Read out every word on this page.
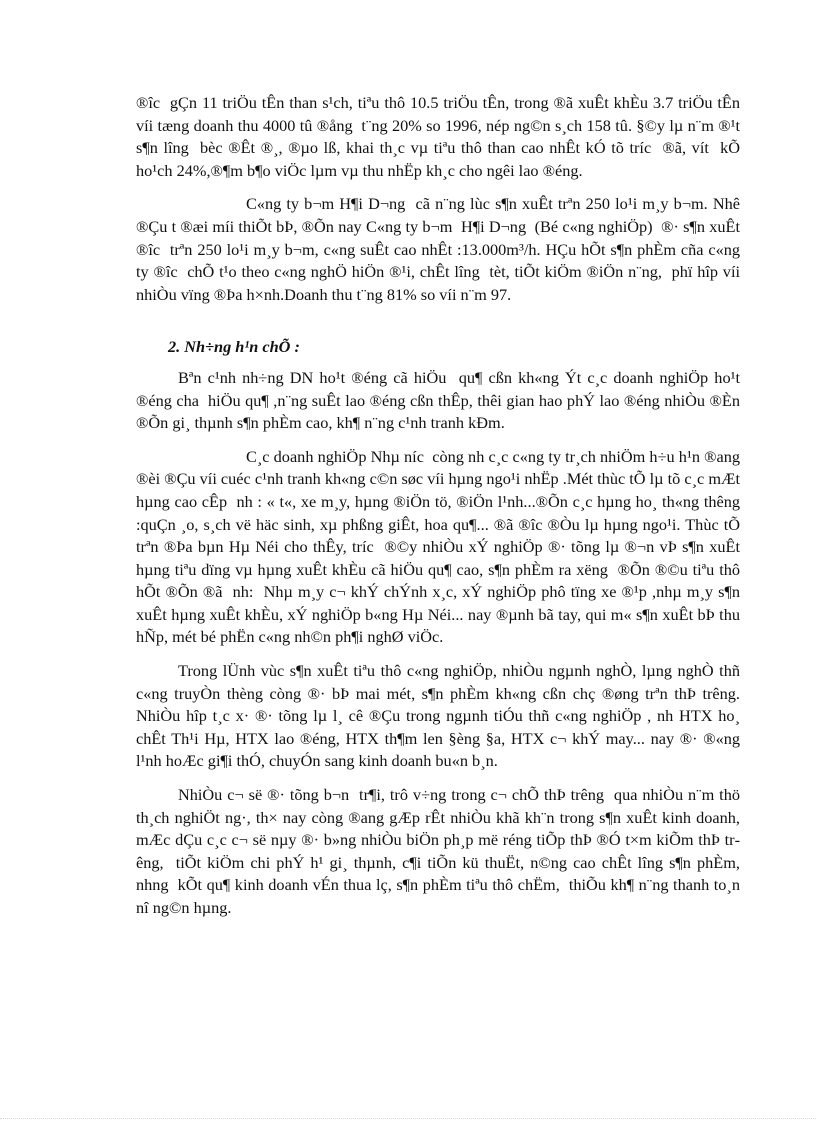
®îc  gÇn 11 triÖu tÊn than s¹ch, tiªu thô 10.5 triÖu tÊn, trong ®ã xuÊt khÈu 3.7 triÖu tÊn víi tæng doanh thu 4000 tû ®ång  t¨ng 20% so 1996, nép ng©n s¸ch 158 tû. §©y lµ n¨m ®¹t s¶n lîng  bèc ®Êt ®¸, ®µo lß, khai th¸c vµ tiªu thô than cao nhÊt kÓ tõ tríc  ®ã, vít  kÕ ho¹ch 24%,®¶m b¶o viÖc lµm vµ thu nhËp kh¸c cho ngêi lao ®éng.

C«ng ty b¬m H¶i D¬ng  cã n¨ng lùc s¶n xuÊt trªn 250 lo¹i m¸y b¬m. Nhê ®Çu t ®æi míi thiÕt bÞ, ®Õn nay C«ng ty b¬m  H¶i D¬ng  (Bé c«ng nghiÖp)  ®· s¶n xuÊt ®îc  trªn 250 lo¹i m¸y b¬m, c«ng suÊt cao nhÊt :13.000m³/h. HÇu hÕt s¶n phÈm cña c«ng ty ®îc  chÕ t¹o theo c«ng nghÖ hiÖn ®¹i, chÊt lîng  tèt, tiÕt kiÖm ®iÖn n¨ng,  phï hîp víi nhiÒu vïng ®Þa h×nh.Doanh thu t¨ng 81% so víi n¨m 97.

2. Nh÷ng h¹n chÕ :

Bªn c¹nh nh÷ng DN ho¹t ®éng cã hiÖu  qu¶ cßn kh«ng Ýt c¸c doanh nghiÖp ho¹t ®éng cha  hiÖu qu¶ ,n¨ng suÊt lao ®éng cßn thÊp, thêi gian hao phÝ lao ®éng nhiÒu ®Èn ®Õn gi¸ thµnh s¶n phÈm cao, kh¶ n¨ng c¹nh tranh kÐm.

C¸c doanh nghiÖp Nhµ níc  còng nh c¸c c«ng ty tr¸ch nhiÖm h÷u h¹n ®ang ®èi ®Çu víi cuéc c¹nh tranh kh«ng c©n søc víi hµng ngo¹i nhËp .Mét thùc tÕ lµ tõ c¸c mÆt hµng cao cÊp  nh : « t«, xe m¸y, hµng ®iÖn tö, ®iÖn l¹nh...®Õn c¸c hµng ho¸ th«ng thêng  :quÇn ¸o, s¸ch vë häc sinh, xµ phßng giÊt, hoa qu¶... ®ã ®îc ®Òu lµ hµng ngo¹i. Thùc tÕ trªn ®Þa bµn Hµ Néi cho thÊy, tríc  ®©y nhiÒu xÝ nghiÖp ®· tõng lµ ®¬n vÞ s¶n xuÊt hµng tiªu dïng vµ hµng xuÊt khÈu cã hiÖu qu¶ cao, s¶n phÈm ra xëng  ®Õn ®©u tiªu thô hÕt ®Õn ®ã  nh:  Nhµ m¸y c¬ khÝ chÝnh x¸c, xÝ nghiÖp phô tïng xe ®¹p ,nhµ m¸y s¶n xuÊt hµng xuÊt khÈu, xÝ nghiÖp b«ng Hµ Néi... nay ®µnh bã tay, qui m« s¶n xuÊt bÞ thu hÑp, mét bé phËn c«ng nh©n ph¶i nghØ viÖc.

Trong lÜnh vùc s¶n xuÊt tiªu thô c«ng nghiÖp, nhiÒu ngµnh nghÒ, lµng nghÒ thñ c«ng truyÒn thèng còng ®· bÞ mai mét, s¶n phÈm kh«ng cßn chç ®øng trªn thÞ trêng.  NhiÒu hîp t¸c x· ®· tõng lµ l¸ cê ®Çu trong ngµnh tiÓu thñ c«ng nghiÖp , nh HTX ho¸ chÊt Th¹i Hµ, HTX lao ®éng, HTX th¶m len §èng §a, HTX c¬ khÝ may... nay ®· ®«ng l¹nh hoÆc gi¶i thÓ, chuyÓn sang kinh doanh bu«n b¸n.

NhiÒu c¬ së ®· tõng b¬n  tr¶i, trô v÷ng trong c¬ chÕ thÞ trêng  qua nhiÒu n¨m thö th¸ch nghiÖt ng·, th× nay còng ®ang gÆp rÊt nhiÒu khã kh¨n trong s¶n xuÊt kinh doanh, mÆc dÇu c¸c c¬ së nµy ®· b»ng nhiÒu biÖn ph¸p më réng tiÕp thÞ ®Ó t×m kiÕm thÞ trêng,  tiÕt kiÖm chi phÝ h¹ gi¸ thµnh, c¶i tiÕn kü thuËt, n©ng cao chÊt lîng s¶n phÈm, nhng  kÕt qu¶ kinh doanh vÉn thua lç, s¶n phÈm tiªu thô chËm,  thiÕu kh¶ n¨ng thanh to¸n nî ng©n hµng.
